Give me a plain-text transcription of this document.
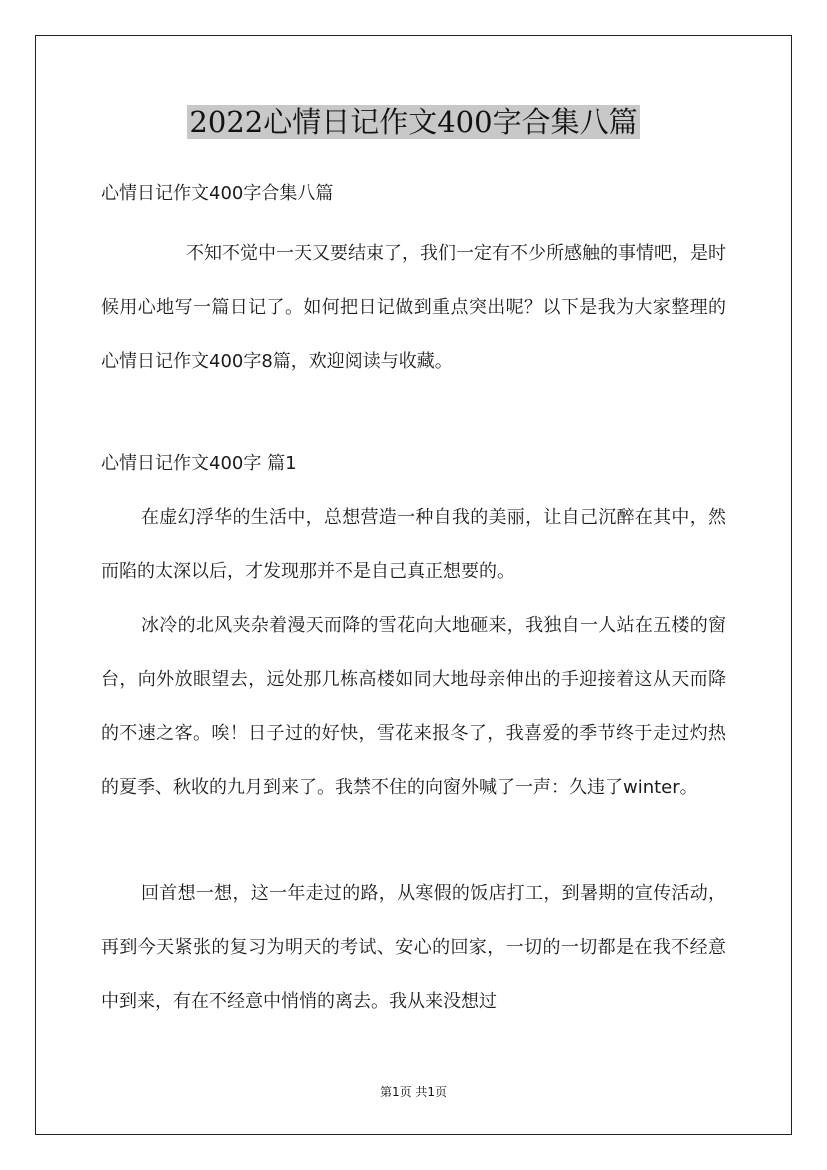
2022心情日记作文400字合集八篇
心情日记作文400字合集八篇
不知不觉中一天又要结束了，我们一定有不少所感触的事情吧，是时候用心地写一篇日记了。如何把日记做到重点突出呢？以下是我为大家整理的心情日记作文400字8篇，欢迎阅读与收藏。
心情日记作文400字 篇1
在虚幻浮华的生活中，总想营造一种自我的美丽，让自己沉醉在其中，然而陷的太深以后，才发现那并不是自己真正想要的。
冰冷的北风夹杂着漫天而降的雪花向大地砸来，我独自一人站在五楼的窗台，向外放眼望去，远处那几栋高楼如同大地母亲伸出的手迎接着这从天而降的不速之客。唉！日子过的好快，雪花来报冬了，我喜爱的季节终于走过灼热的夏季、秋收的九月到来了。我禁不住的向窗外喊了一声：久违了winter。
回首想一想，这一年走过的路，从寒假的饭店打工，到暑期的宣传活动，再到今天紧张的复习为明天的考试、安心的回家，一切的一切都是在我不经意中到来，有在不经意中悄悄的离去。我从来没想过
第1页 共1页
